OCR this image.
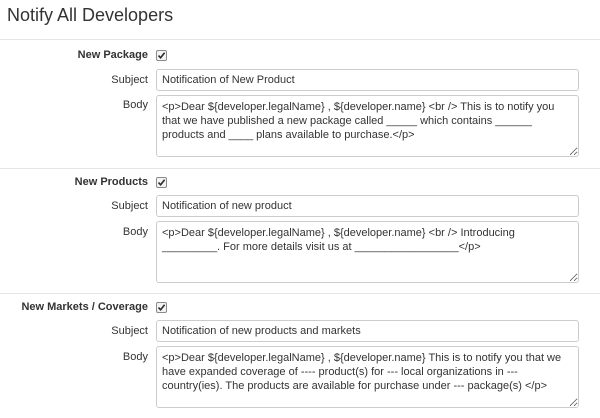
Notify All Developers
New Package
Subject
Notification of New Product
Body
<p>Dear ${developer.legalName} , ${developer.name} <br /> This is to notify you that we have published a new package called _____ which contains ______ products and ____ plans available to purchase.</p>
New Products
Subject
Notification of new product
Body
<p>Dear ${developer.legalName} , ${developer.name} <br /> Introducing _________. For more details visit us at _________________</p>
New Markets / Coverage
Subject
Notification of new products and markets
Body
<p>Dear ${developer.legalName} , ${developer.name} This is to notify you that we have expanded coverage of ---- product(s) for --- local organizations in --- country(ies). The products are available for purchase under --- package(s) </p>
